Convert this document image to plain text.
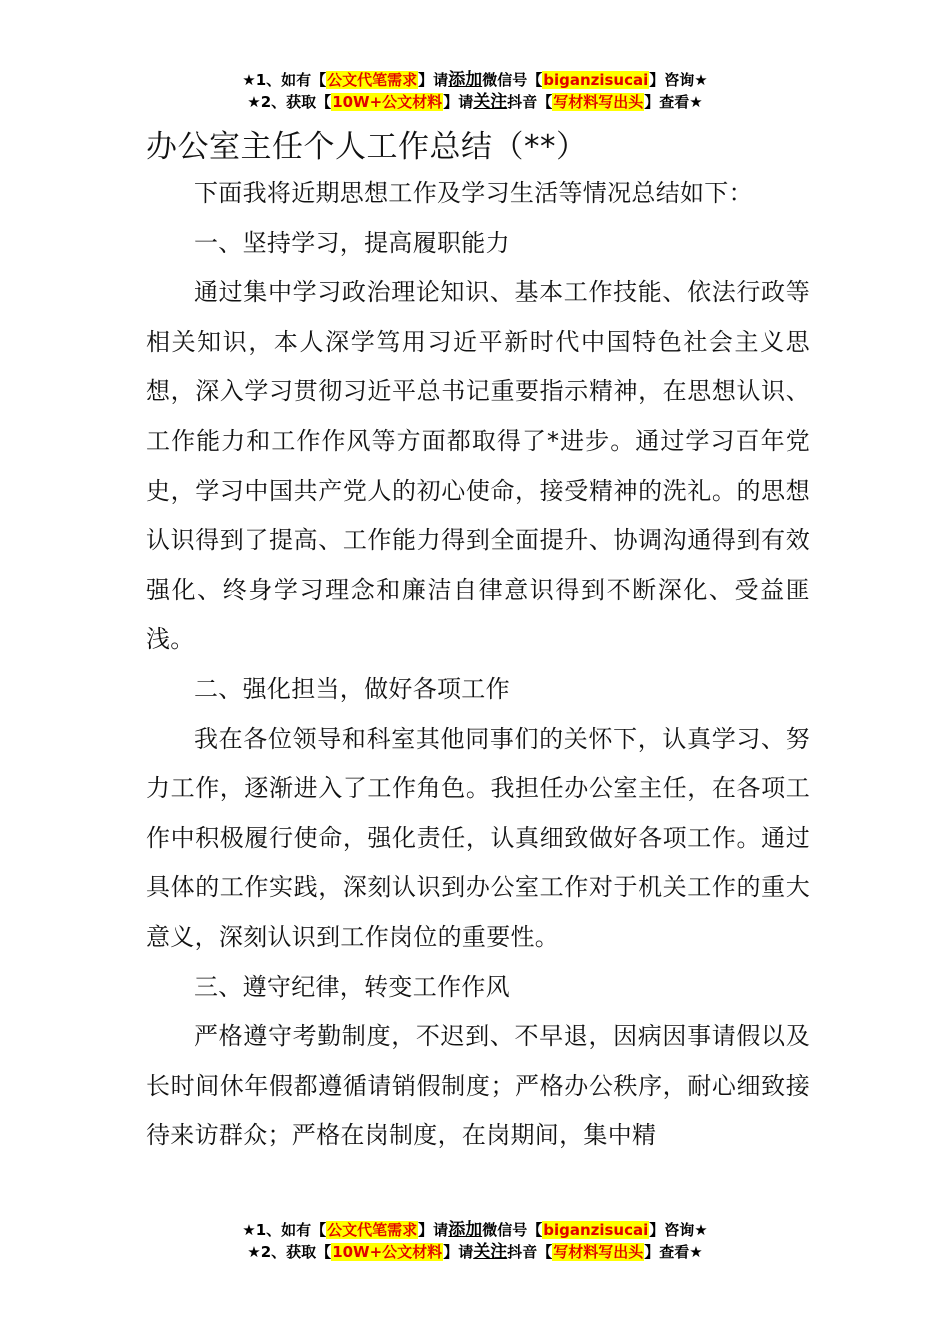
★1、如有【公文代笔需求】请添加微信号【biganzisucai】咨询★
★2、获取【10W+公文材料】请关注抖音【写材料写出头】查看★
办公室主任个人工作总结（**）

下面我将近期思想工作及学习生活等情况总结如下：

一、坚持学习，提高履职能力

通过集中学习政治理论知识、基本工作技能、依法行政等相关知识，本人深学笃用习近平新时代中国特色社会主义思想，深入学习贯彻习近平总书记重要指示精神，在思想认识、工作能力和工作作风等方面都取得了*进步。通过学习百年党史，学习中国共产党人的初心使命，接受精神的洗礼。的思想认识得到了提高、工作能力得到全面提升、协调沟通得到有效强化、终身学习理念和廉洁自律意识得到不断深化、受益匪浅。

二、强化担当，做好各项工作

我在各位领导和科室其他同事们的关怀下，认真学习、努力工作，逐渐进入了工作角色。我担任办公室主任，在各项工作中积极履行使命，强化责任，认真细致做好各项工作。通过具体的工作实践，深刻认识到办公室工作对于机关工作的重大意义，深刻认识到工作岗位的重要性。

三、遵守纪律，转变工作作风

严格遵守考勤制度，不迟到、不早退，因病因事请假以及长时间休年假都遵循请销假制度；严格办公秩序，耐心细致接待来访群众；严格在岗制度，在岗期间，集中精

★1、如有【公文代笔需求】请添加微信号【biganzisucai】咨询★
★2、获取【10W+公文材料】请关注抖音【写材料写出头】查看★
